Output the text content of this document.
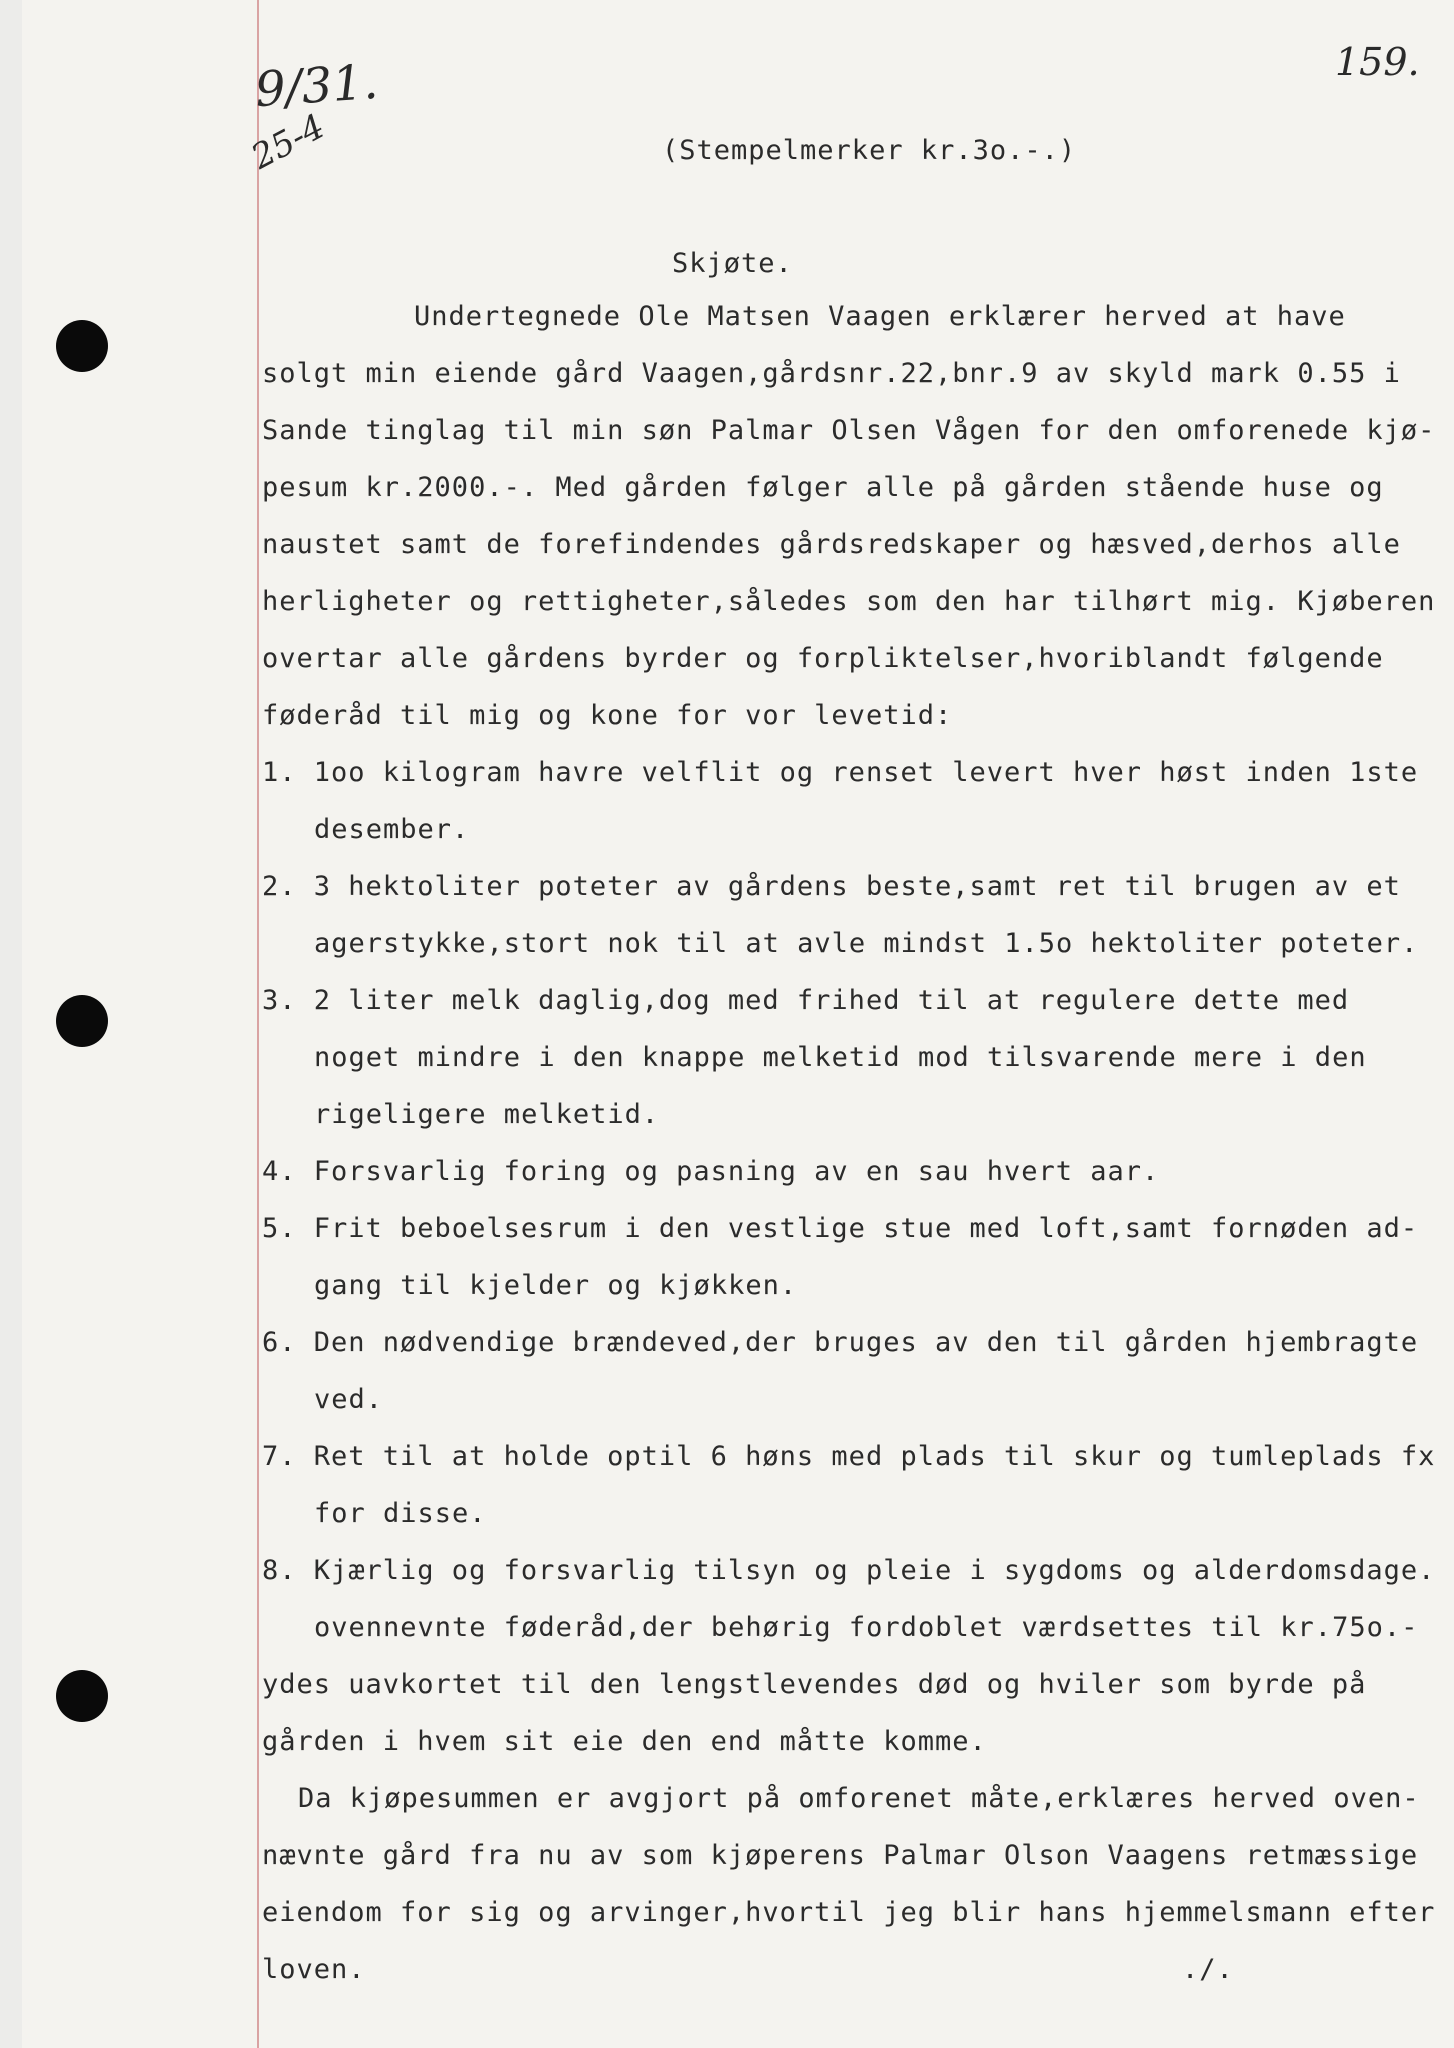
9/31.
25-4
159.
(Stempelmerker kr.3o.-.)
Skjøte.
Undertegnede Ole Matsen Vaagen erklærer herved at have
solgt min eiende gård Vaagen,gårdsnr.22,bnr.9 av skyld mark 0.55 i
Sande tinglag til min søn Palmar Olsen Vågen for den omforenede kjø-
pesum kr.2000.-. Med gården følger alle på gården stående huse og
naustet samt de forefindendes gårdsredskaper og hæsved,derhos alle
herligheter og rettigheter,således som den har tilhørt mig. Kjøberen
overtar alle gårdens byrder og forpliktelser,hvoriblandt følgende
føderåd til mig og kone for vor levetid:
1. 1oo kilogram havre velflit og renset levert hver høst inden 1ste
desember.
2. 3 hektoliter poteter av gårdens beste,samt ret til brugen av et
agerstykke,stort nok til at avle mindst 1.5o hektoliter poteter.
3. 2 liter melk daglig,dog med frihed til at regulere dette med
noget mindre i den knappe melketid mod tilsvarende mere i den
rigeligere melketid.
4. Forsvarlig foring og pasning av en sau hvert aar.
5. Frit beboelsesrum i den vestlige stue med loft,samt fornøden ad-
gang til kjelder og kjøkken.
6. Den nødvendige brændeved,der bruges av den til gården hjembragte
ved.
7. Ret til at holde optil 6 høns med plads til skur og tumleplads fx
for disse.
8. Kjærlig og forsvarlig tilsyn og pleie i sygdoms og alderdomsdage.
ovennevnte føderåd,der behørig fordoblet værdsettes til kr.75o.-
ydes uavkortet til den lengstlevendes død og hviler som byrde på
gården i hvem sit eie den end måtte komme.
Da kjøpesummen er avgjort på omforenet måte,erklæres herved oven-
nævnte gård fra nu av som kjøperens Palmar Olson Vaagens retmæssige
eiendom for sig og arvinger,hvortil jeg blir hans hjemmelsmann efter
loven.	./.
